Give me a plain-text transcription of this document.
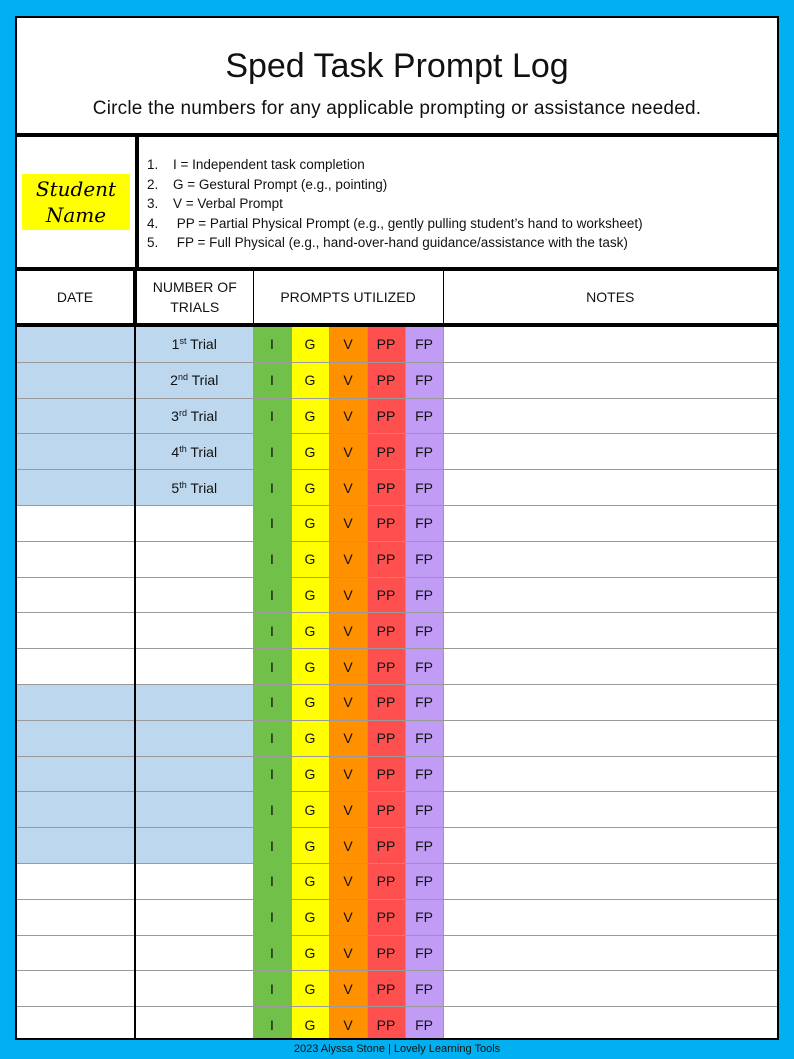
Sped Task Prompt Log
Circle the numbers for any applicable prompting or assistance needed.
Student
Name
1. I = Independent task completion
2. G = Gestural Prompt (e.g., pointing)
3. V = Verbal Prompt
4. PP = Partial Physical Prompt (e.g., gently pulling student’s hand to worksheet)
5. FP = Full Physical (e.g., hand-over-hand guidance/assistance with the task)
DATE	NUMBER OF
TRIALS	PROMPTS UTILIZED					NOTES
	1st Trial	I	G	V	PP	FP	
	2nd Trial	I	G	V	PP	FP	
	3rd Trial	I	G	V	PP	FP	
	4th Trial	I	G	V	PP	FP	
	5th Trial	I	G	V	PP	FP	
		I	G	V	PP	FP	
		I	G	V	PP	FP	
		I	G	V	PP	FP	
		I	G	V	PP	FP	
		I	G	V	PP	FP	
		I	G	V	PP	FP	
		I	G	V	PP	FP	
		I	G	V	PP	FP	
		I	G	V	PP	FP	
		I	G	V	PP	FP	
		I	G	V	PP	FP	
		I	G	V	PP	FP	
		I	G	V	PP	FP	
		I	G	V	PP	FP	
		I	G	V	PP	FP	
2023 Alyssa Stone | Lovely Learning Tools
